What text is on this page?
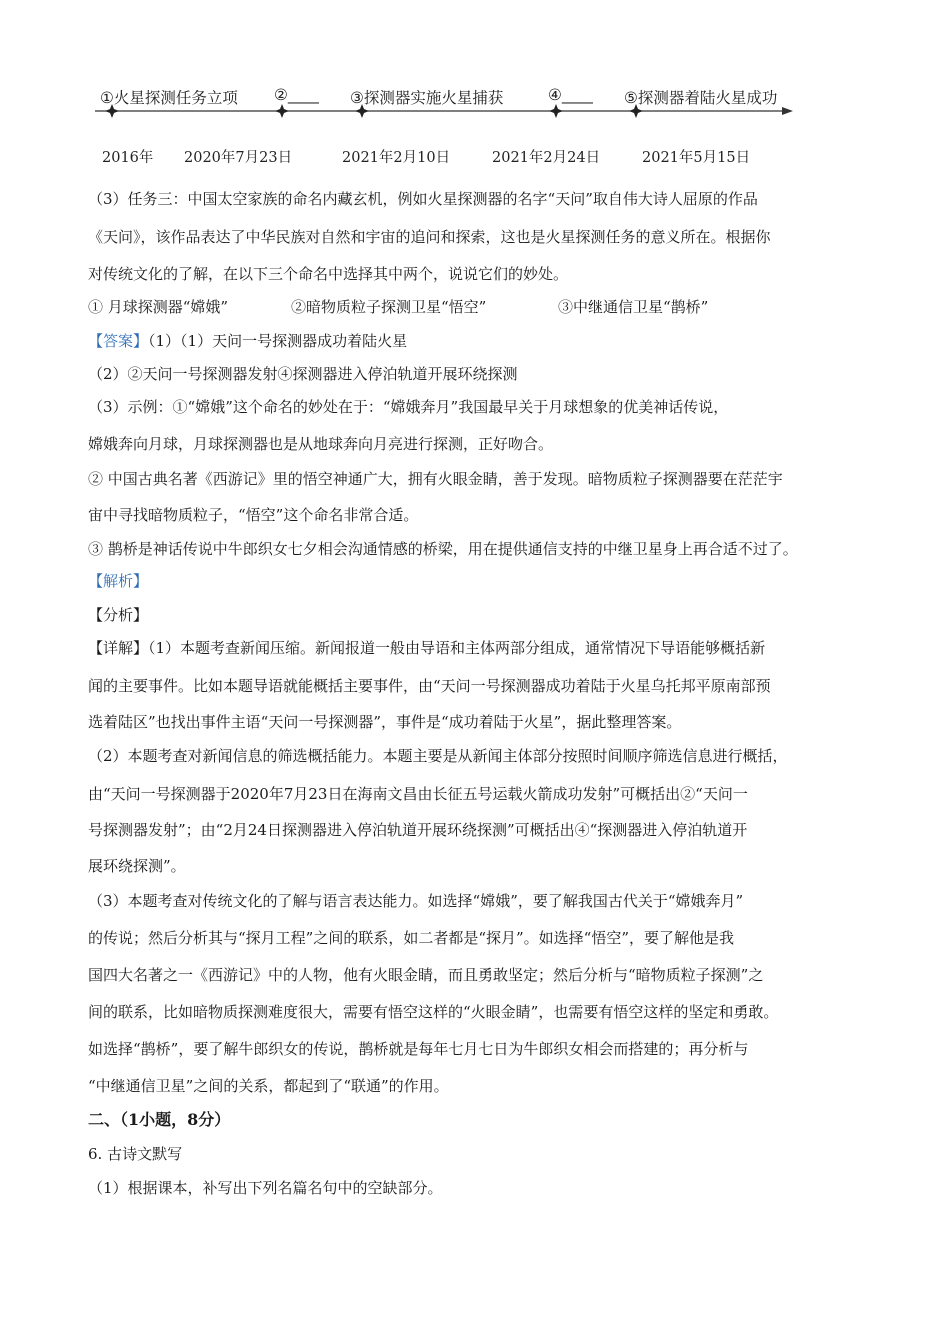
①火星探测任务立项 ②____ ③探测器实施火星捕获	④____ ⑤探测器着陆火星成功
2016年 2020年7月23日	2021年2月10日	2021年2月24日	2021年5月15日
（3）任务三：中国太空家族的命名内藏玄机，例如火星探测器的名字“天问”取自伟大诗人屈原的作品
《天问》，该作品表达了中华民族对自然和宇宙的追问和探索，这也是火星探测任务的意义所在。根据你
对传统文化的了解，在以下三个命名中选择其中两个，说说它们的妙处。
① 月球探测器“嫦娥”	②暗物质粒子探测卫星“悟空”	③中继通信卫星“鹊桥”
【答案】（1）（1）天问一号探测器成功着陆火星
（2）②天问一号探测器发射④探测器进入停泊轨道开展环绕探测
（3）示例：①“嫦娥”这个命名的妙处在于：“嫦娥奔月”我国最早关于月球想象的优美神话传说，
嫦娥奔向月球，月球探测器也是从地球奔向月亮进行探测，正好吻合。
② 中国古典名著《西游记》里的悟空神通广大，拥有火眼金睛，善于发现。暗物质粒子探测器要在茫茫宇
宙中寻找暗物质粒子，“悟空”这个命名非常合适。
③ 鹊桥是神话传说中牛郎织女七夕相会沟通情感的桥梁，用在提供通信支持的中继卫星身上再合适不过了。
【解析】
【分析】
【详解】（1）本题考查新闻压缩。新闻报道一般由导语和主体两部分组成，通常情况下导语能够概括新
闻的主要事件。比如本题导语就能概括主要事件，由“天问一号探测器成功着陆于火星乌托邦平原南部预
选着陆区”也找出事件主语“天问一号探测器”，事件是“成功着陆于火星”，据此整理答案。
（2）本题考查对新闻信息的筛选概括能力。本题主要是从新闻主体部分按照时间顺序筛选信息进行概括，
由“天问一号探测器于2020年7月23日在海南文昌由长征五号运载火箭成功发射”可概括出②“天问一
号探测器发射”；由“2月24日探测器进入停泊轨道开展环绕探测”可概括出④“探测器进入停泊轨道开
展环绕探测”。
（3）本题考查对传统文化的了解与语言表达能力。如选择“嫦娥”，要了解我国古代关于“嫦娥奔月”
的传说；然后分析其与“探月工程”之间的联系，如二者都是“探月”。如选择“悟空”，要了解他是我
国四大名著之一《西游记》中的人物，他有火眼金睛，而且勇敢坚定；然后分析与“暗物质粒子探测”之
间的联系，比如暗物质探测难度很大，需要有悟空这样的“火眼金睛”，也需要有悟空这样的坚定和勇敢。
如选择“鹊桥”，要了解牛郎织女的传说，鹊桥就是每年七月七日为牛郎织女相会而搭建的；再分析与
“中继通信卫星”之间的关系，都起到了“联通”的作用。
二、（1小题，8分）
6. 古诗文默写
（1）根据课本，补写出下列名篇名句中的空缺部分。
